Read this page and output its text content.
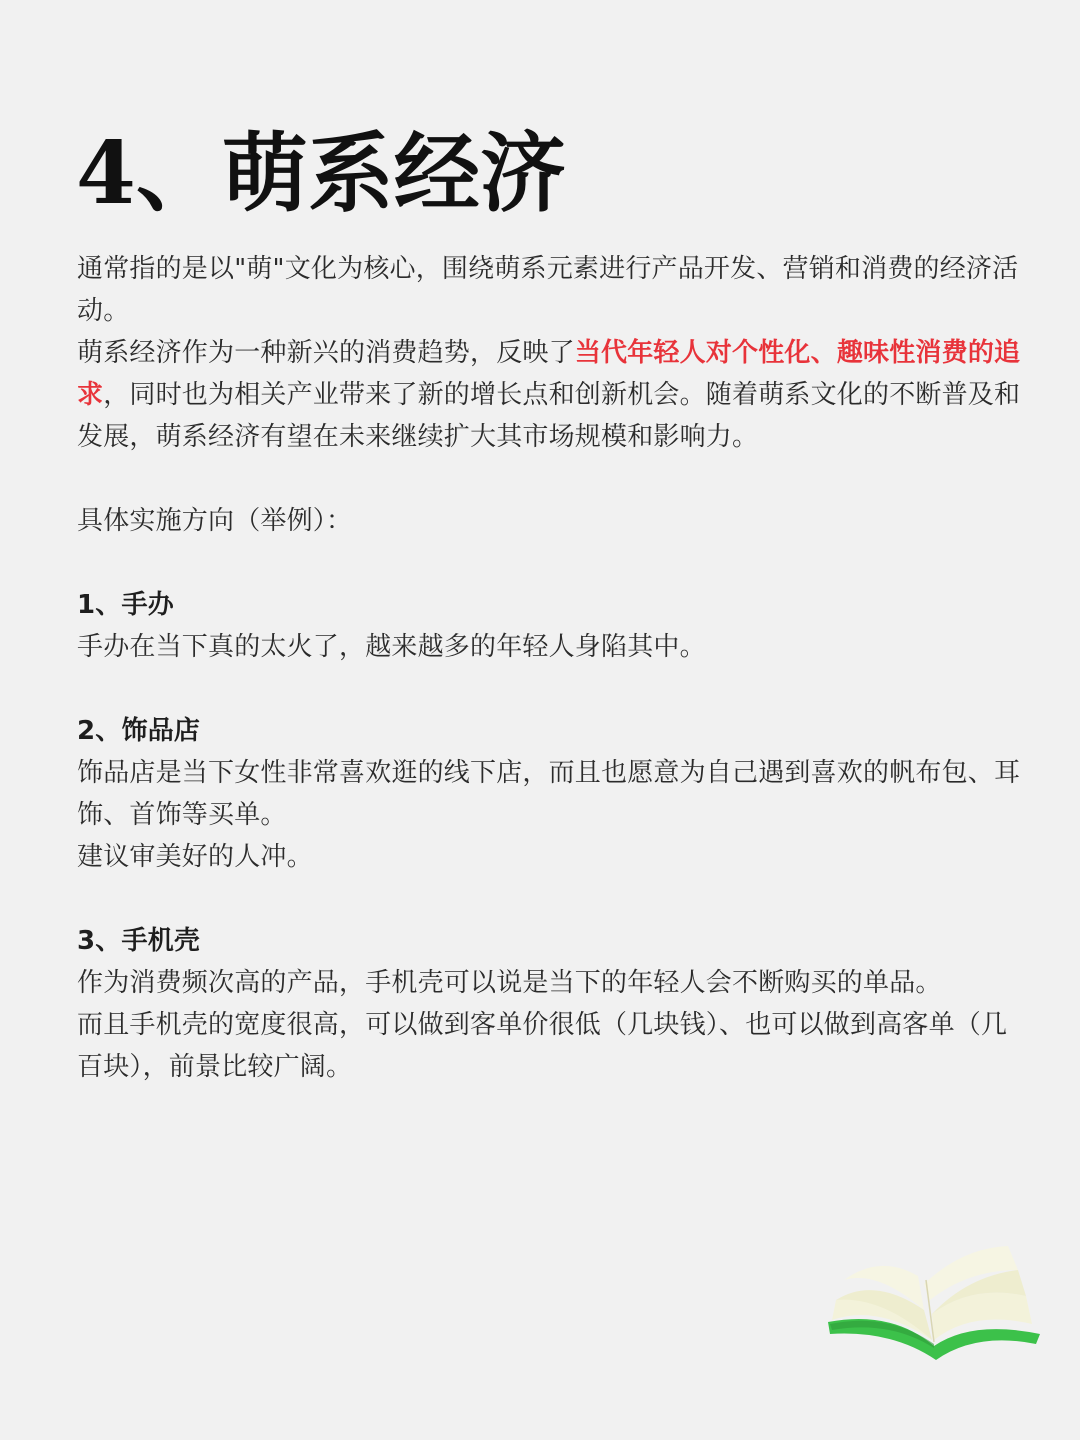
4、萌系经济

通常指的是以"萌"文化为核心，围绕萌系元素进行产品开发、营销和消费的经济活动。

萌系经济作为一种新兴的消费趋势，反映了当代年轻人对个性化、趣味性消费的追求，同时也为相关产业带来了新的增长点和创新机会。随着萌系文化的不断普及和发展，萌系经济有望在未来继续扩大其市场规模和影响力。

具体实施方向（举例）：

1、手办

手办在当下真的太火了，越来越多的年轻人身陷其中。

2、饰品店

饰品店是当下女性非常喜欢逛的线下店，而且也愿意为自己遇到喜欢的帆布包、耳饰、首饰等买单。

建议审美好的人冲。

3、手机壳

作为消费频次高的产品，手机壳可以说是当下的年轻人会不断购买的单品。

而且手机壳的宽度很高，可以做到客单价很低（几块钱）、也可以做到高客单（几百块），前景比较广阔。
